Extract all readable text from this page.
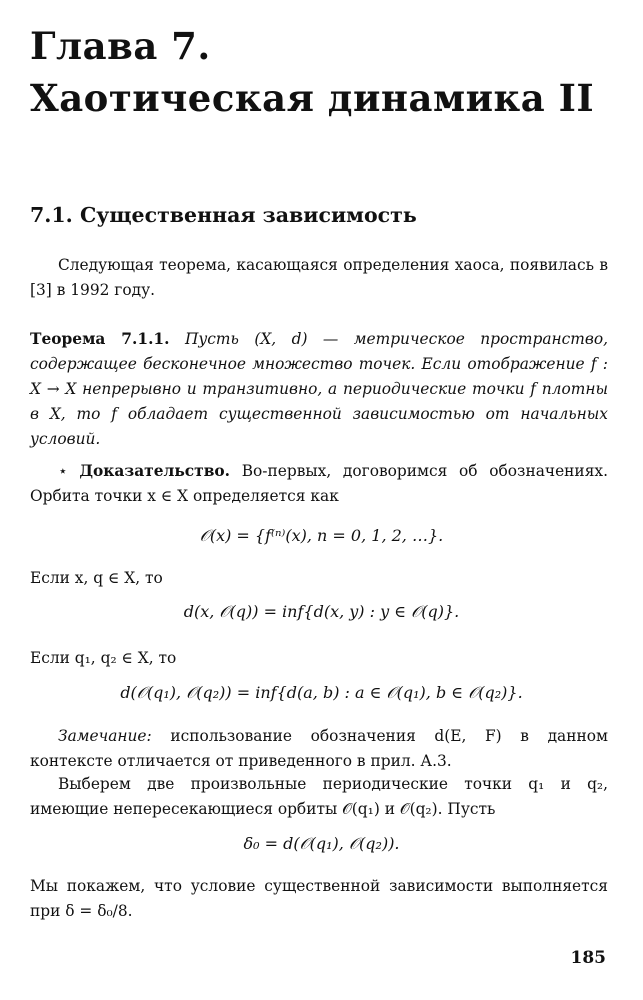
Глава 7.
Хаотическая динамика II
7.1. Существенная зависимость

Следующая теорема, касающаяся определения хаоса, появилась в [3] в 1992 году.

Теорема 7.1.1. Пусть (X, d) — метрическое пространство, содержащее бесконечное множество точек. Если отображение f : X → X непрерывно и транзитивно, а периодические точки f плотны в X, то f обладает существенной зависимостью от начальных условий.

⋆ Доказательство. Во-первых, договоримся об обозначениях. Орбита точки x ∈ X определяется как

𝒪(x) = {f⁽ⁿ⁾(x), n = 0, 1, 2, …}.

Если x, q ∈ X, то

d(x, 𝒪(q)) = inf{d(x, y) : y ∈ 𝒪(q)}.

Если q₁, q₂ ∈ X, то

d(𝒪(q₁), 𝒪(q₂)) = inf{d(a, b) : a ∈ 𝒪(q₁), b ∈ 𝒪(q₂)}.

Замечание: использование обозначения d(E, F) в данном контексте отличается от приведенного в прил. А.3.

Выберем две произвольные периодические точки q₁ и q₂, имеющие непересекающиеся орбиты 𝒪(q₁) и 𝒪(q₂). Пусть

δ₀ = d(𝒪(q₁), 𝒪(q₂)).

Мы покажем, что условие существенной зависимости выполняется при δ = δ₀/8.

185
